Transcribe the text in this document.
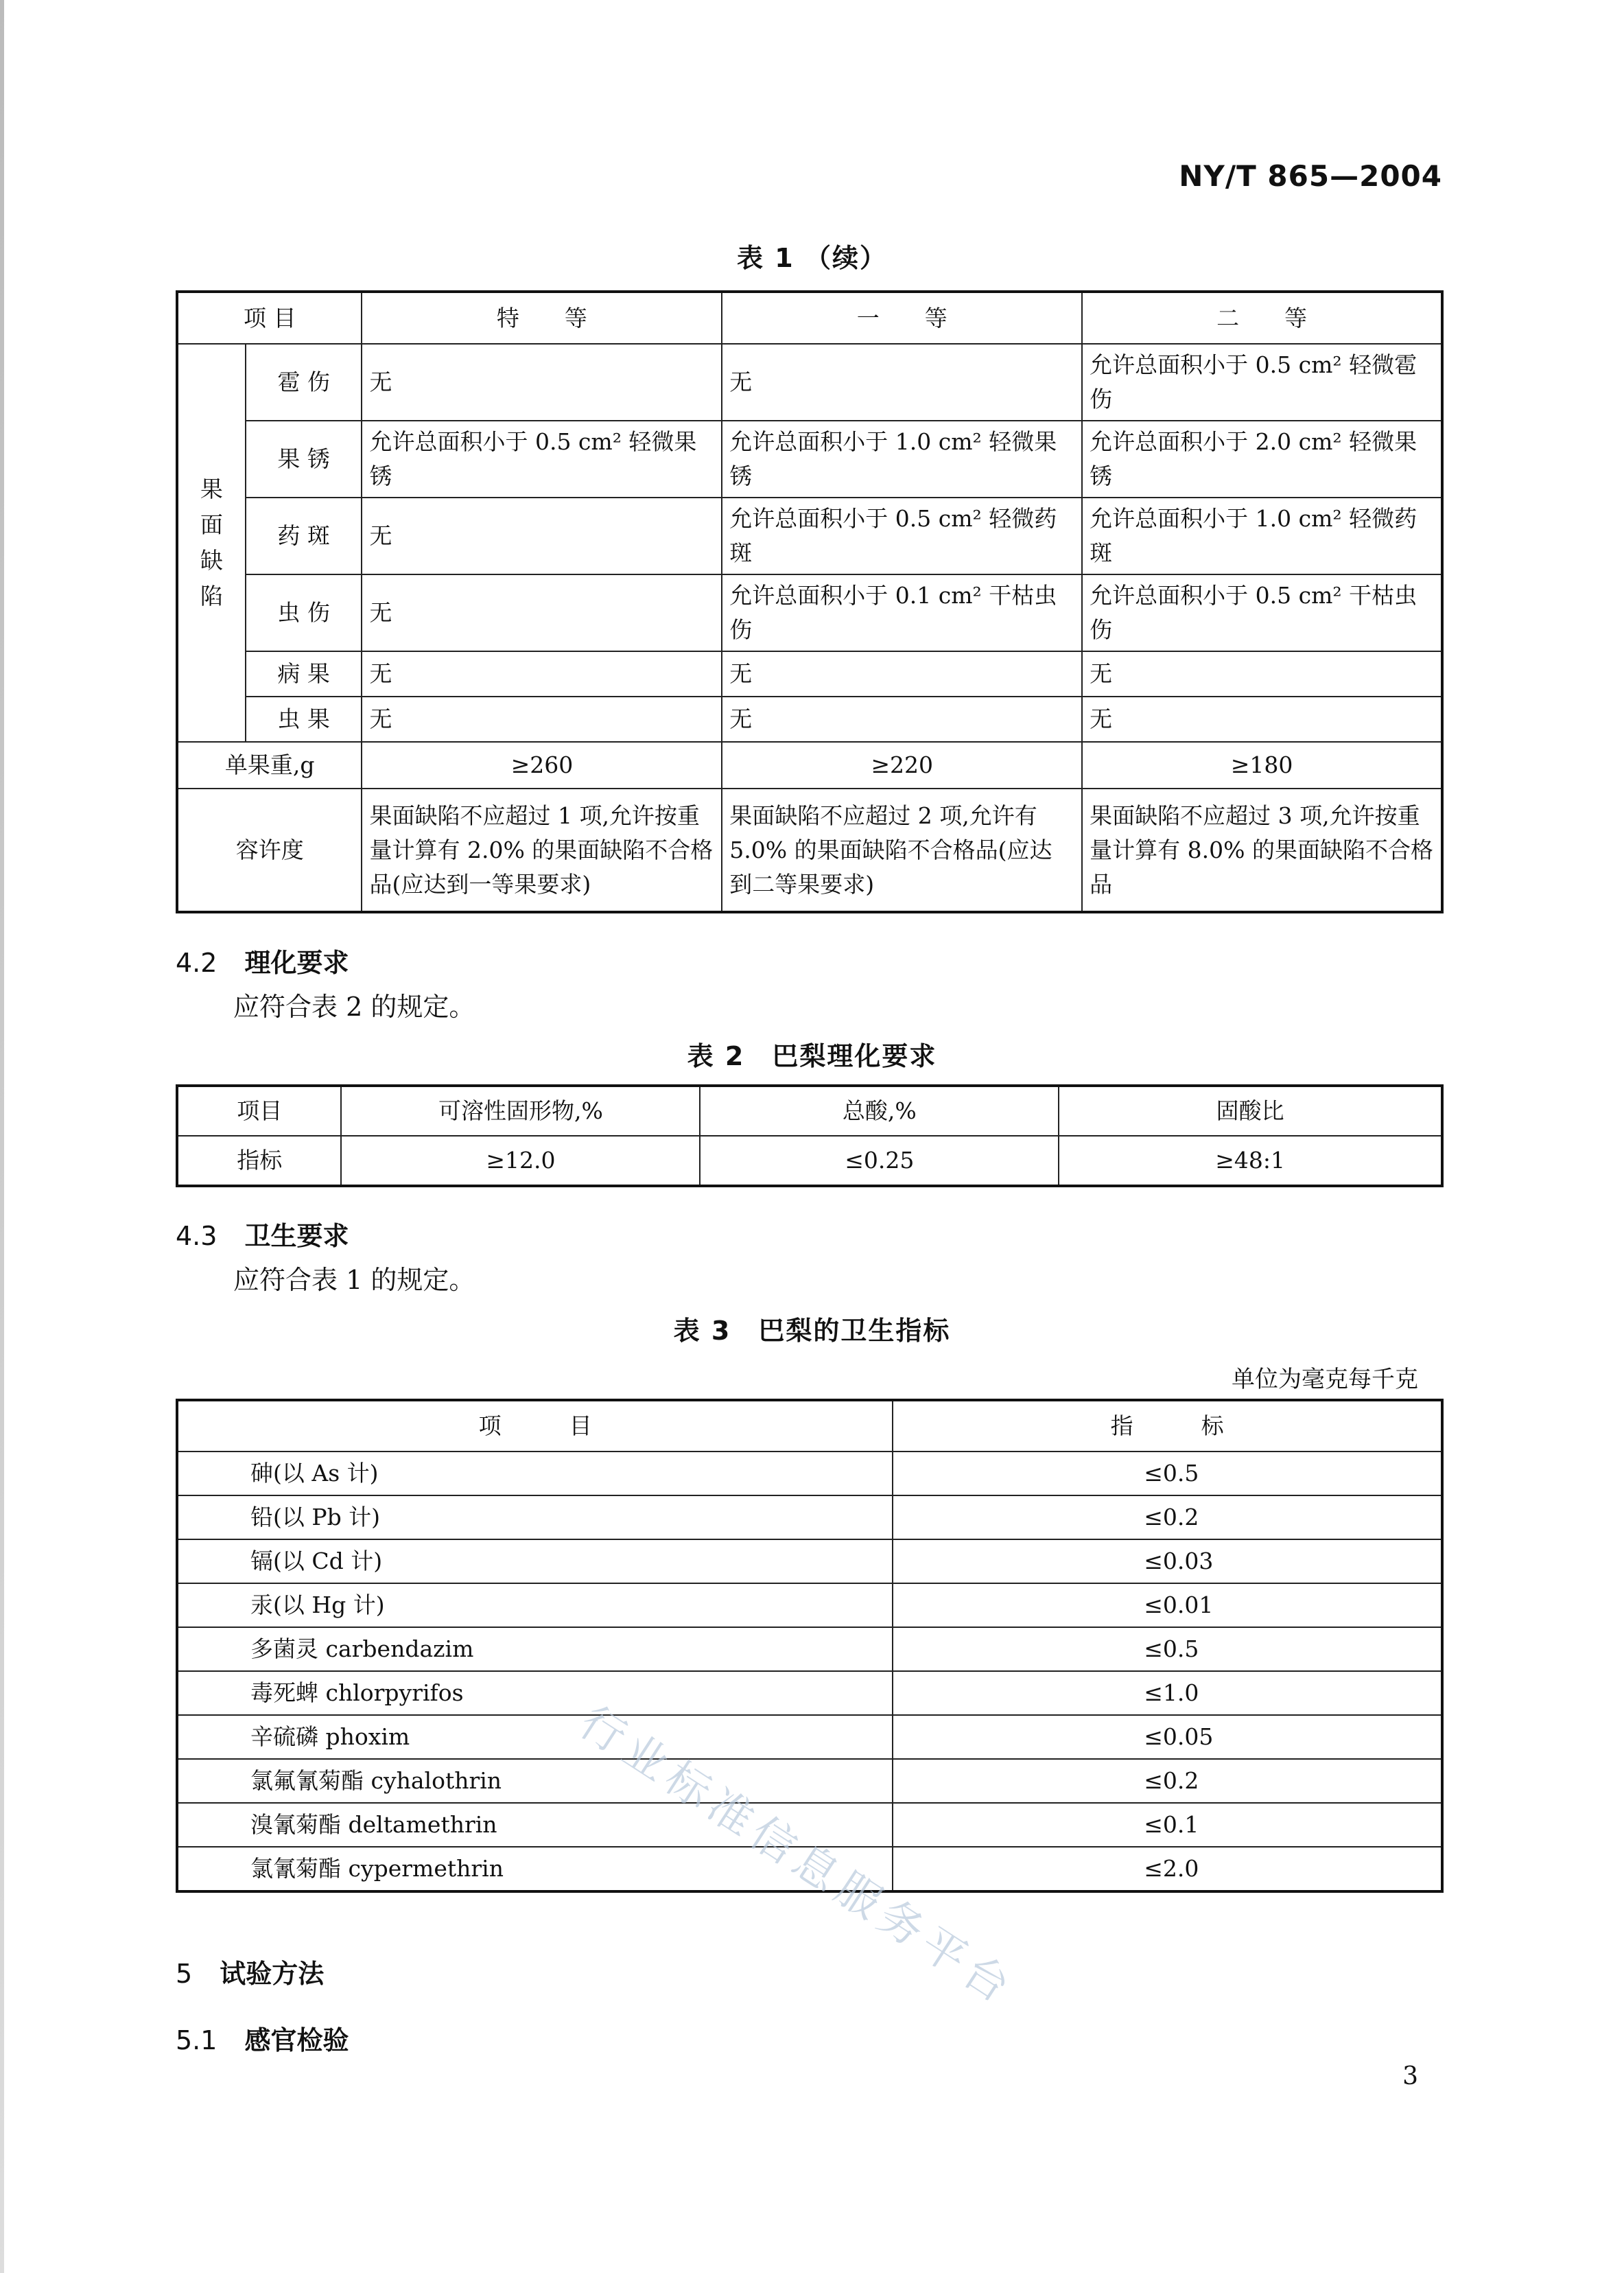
NY/T 865—2004
表 1 （续）
项 目		特　　等	一　　等	二　　等

果面缺陷	雹 伤	无	无	允许总面积小于 0.5 cm² 轻微雹伤
	果 锈	允许总面积小于 0.5 cm² 轻微果锈	允许总面积小于 1.0 cm² 轻微果锈	允许总面积小于 2.0 cm² 轻微果锈
	药 斑	无	允许总面积小于 0.5 cm² 轻微药斑	允许总面积小于 1.0 cm² 轻微药斑
	虫 伤	无	允许总面积小于 0.1 cm² 干枯虫伤	允许总面积小于 0.5 cm² 干枯虫伤
	病 果	无	无	无
	虫 果	无	无	无
单果重,g		≥260	≥220	≥180
容许度		果面缺陷不应超过 1 项,允许按重量计算有 2.0% 的果面缺陷不合格品(应达到一等果要求)	果面缺陷不应超过 2 项,允许有 5.0% 的果面缺陷不合格品(应达到二等果要求)	果面缺陷不应超过 3 项,允许按重量计算有 8.0% 的果面缺陷不合格品
4.2 理化要求
应符合表 2 的规定。
表 2　巴梨理化要求
项目	可溶性固形物,%	总酸,%	固酸比
指标	≥12.0	≤0.25	≥48:1
4.3 卫生要求
应符合表 1 的规定。
表 3　巴梨的卫生指标
单位为毫克每千克
项　　　目	指　　　标
砷(以 As 计)	≤0.5
铅(以 Pb 计)	≤0.2
镉(以 Cd 计)	≤0.03
汞(以 Hg 计)	≤0.01
多菌灵 carbendazim	≤0.5
毒死蜱 chlorpyrifos	≤1.0
辛硫磷 phoxim	≤0.05
氯氟氰菊酯 cyhalothrin	≤0.2
溴氰菊酯 deltamethrin	≤0.1
氯氰菊酯 cypermethrin	≤2.0
行业标准信息服务平台
5 试验方法
5.1 感官检验
3
